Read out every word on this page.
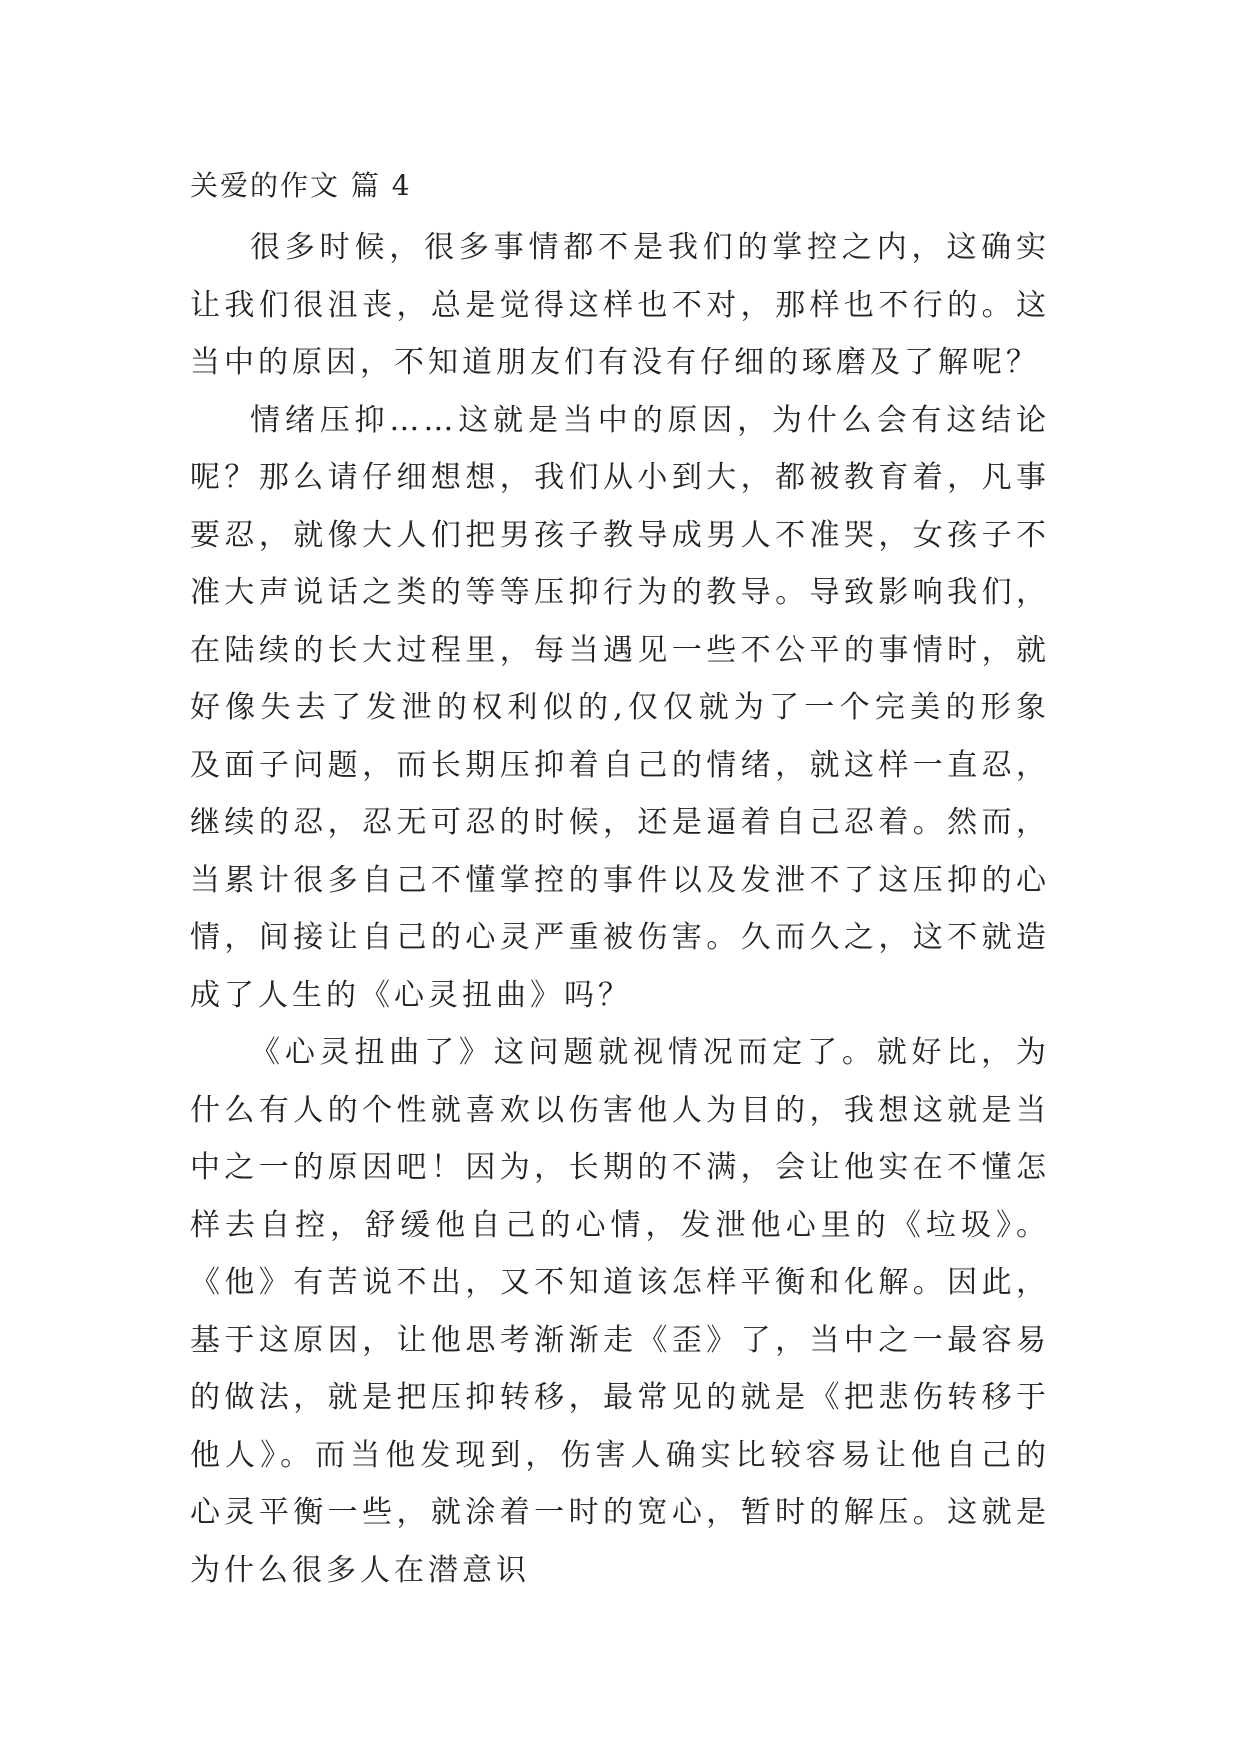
关爱的作文 篇 4

很多时候，很多事情都不是我们的掌控之内，这确实让我们很沮丧，总是觉得这样也不对，那样也不行的。这当中的原因，不知道朋友们有没有仔细的琢磨及了解呢？

情绪压抑……这就是当中的原因，为什么会有这结论呢？那么请仔细想想，我们从小到大，都被教育着，凡事要忍，就像大人们把男孩子教导成男人不准哭，女孩子不准大声说话之类的等等压抑行为的教导。导致影响我们，在陆续的长大过程里，每当遇见一些不公平的事情时，就好像失去了发泄的权利似的,仅仅就为了一个完美的形象及面子问题，而长期压抑着自己的情绪，就这样一直忍，继续的忍，忍无可忍的时候，还是逼着自己忍着。然而，当累计很多自己不懂掌控的事件以及发泄不了这压抑的心情，间接让自己的心灵严重被伤害。久而久之，这不就造成了人生的《心灵扭曲》吗？

《心灵扭曲了》这问题就视情况而定了。就好比，为什么有人的个性就喜欢以伤害他人为目的，我想这就是当中之一的原因吧！因为，长期的不满，会让他实在不懂怎样去自控，舒缓他自己的心情，发泄他心里的《垃圾》。《他》有苦说不出，又不知道该怎样平衡和化解。因此，基于这原因，让他思考渐渐走《歪》了，当中之一最容易的做法，就是把压抑转移，最常见的就是《把悲伤转移于他人》。而当他发现到，伤害人确实比较容易让他自己的心灵平衡一些，就涂着一时的宽心，暂时的解压。这就是为什么很多人在潜意识
